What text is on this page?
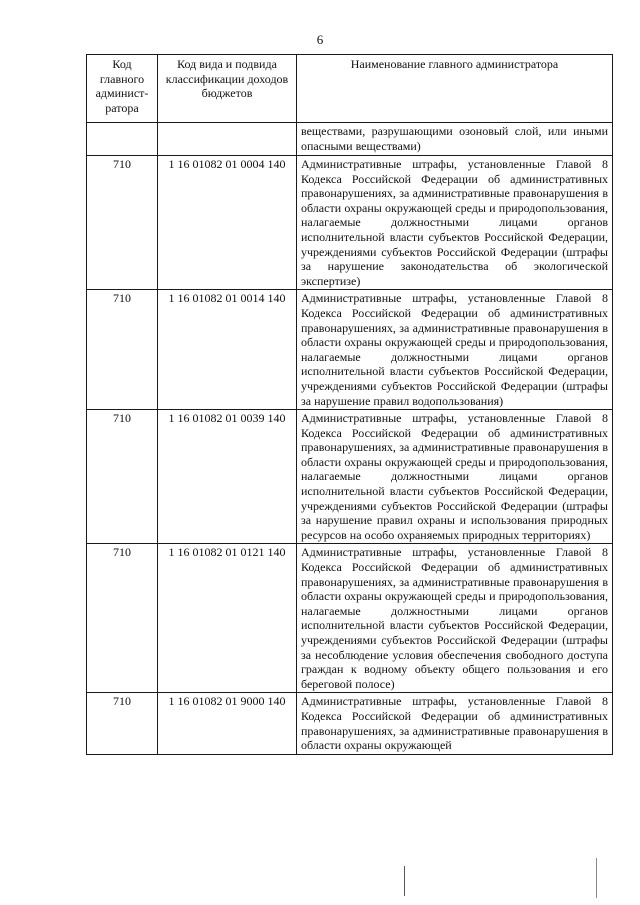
6
Код главного админист-ратора	Код вида и подвида классификации доходов бюджетов	Наименование главного администратора
		веществами, разрушающими озоновый слой, или иными опасными веществами)
710	1 16 01082 01 0004 140	Административные штрафы, установленные Главой 8 Кодекса Российской Федерации об административных правонарушениях, за административные правонарушения в области охраны окружающей среды и природопользования, налагаемые должностными лицами органов исполнительной власти субъектов Российской Федерации, учреждениями субъектов Российской Федерации (штрафы за нарушение законодательства об экологической экспертизе)
710	1 16 01082 01 0014 140	Административные штрафы, установленные Главой 8 Кодекса Российской Федерации об административных правонарушениях, за административные правонарушения в области охраны окружающей среды и природопользования, налагаемые должностными лицами органов исполнительной власти субъектов Российской Федерации, учреждениями субъектов Российской Федерации (штрафы за нарушение правил водопользования)
710	1 16 01082 01 0039 140	Административные штрафы, установленные Главой 8 Кодекса Российской Федерации об административных правонарушениях, за административные правонарушения в области охраны окружающей среды и природопользования, налагаемые должностными лицами органов исполнительной власти субъектов Российской Федерации, учреждениями субъектов Российской Федерации (штрафы за нарушение правил охраны и использования природных ресурсов на особо охраняемых природных территориях)
710	1 16 01082 01 0121 140	Административные штрафы, установленные Главой 8 Кодекса Российской Федерации об административных правонарушениях, за административные правонарушения в области охраны окружающей среды и природопользования, налагаемые должностными лицами органов исполнительной власти субъектов Российской Федерации, учреждениями субъектов Российской Федерации (штрафы за несоблюдение условия обеспечения свободного доступа граждан к водному объекту общего пользования и его береговой полосе)
710	1 16 01082 01 9000 140	Административные штрафы, установленные Главой 8 Кодекса Российской Федерации об административных правонарушениях, за административные правонарушения в области охраны окружающей
